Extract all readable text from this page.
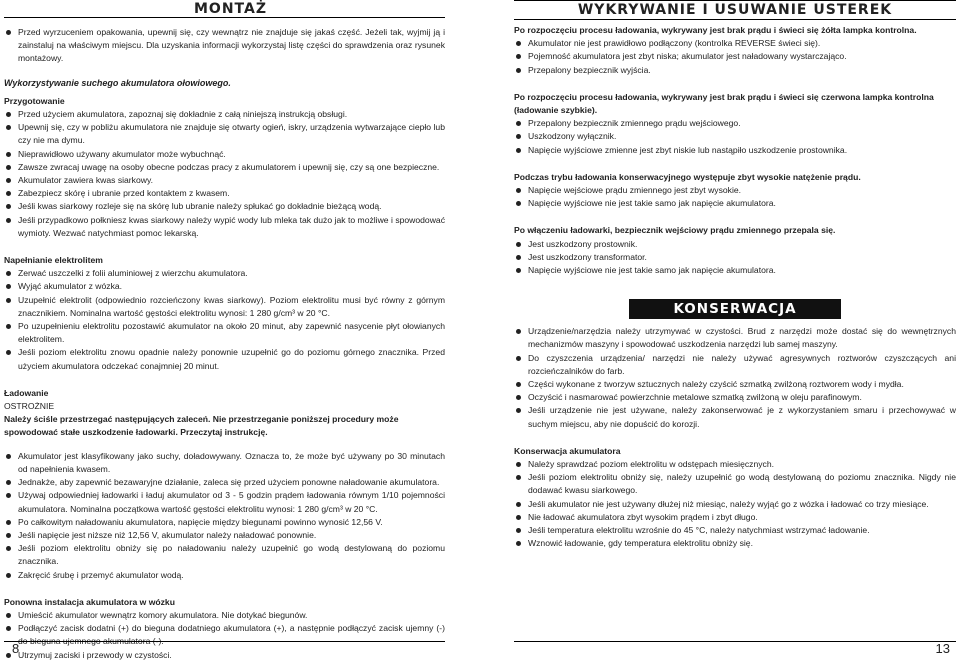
MONTAŻ
Przed wyrzuceniem opakowania, upewnij się, czy wewnątrz nie znajduje się jakaś część. Jeżeli tak, wyjmij ją i zainstaluj na właściwym miejscu. Dla uzyskania informacji wykorzystaj listę części do sprawdzenia oraz rysunek montażowy.

Wykorzystywanie suchego akumulatora ołowiowego.

Przygotowanie

Przed użyciem akumulatora, zapoznaj się dokładnie z całą niniejszą instrukcją obsługi.
Upewnij się, czy w pobliżu akumulatora nie znajduje się otwarty ogień, iskry, urządzenia wytwarzające ciepło lub czy nie ma dymu.
Nieprawidłowo używany akumulator może wybuchnąć.
Zawsze zwracaj uwagę na osoby obecne podczas pracy z akumulatorem i upewnij się, czy są one bezpieczne.
Akumulator zawiera kwas siarkowy.
Zabezpiecz skórę i ubranie przed kontaktem z kwasem.
Jeśli kwas siarkowy rozleje się na skórę lub ubranie należy spłukać go dokładnie bieżącą wodą.
Jeśli przypadkowo połkniesz kwas siarkowy należy wypić wody lub mleka tak dużo jak to możliwe i spowodować wymioty. Wezwać natychmiast pomoc lekarską.

Napełnianie elektrolitem

Zerwać uszczelki z folii aluminiowej z wierzchu akumulatora.
Wyjąć akumulator z wózka.
Uzupełnić elektrolit (odpowiednio rozcieńczony kwas siarkowy). Poziom elektrolitu musi być równy z górnym znacznikiem. Nominalna wartość gęstości elektrolitu wynosi: 1 280 g/cm³ w 20 °C.
Po uzupełnieniu elektrolitu pozostawić akumulator na około 20 minut, aby zapewnić nasycenie płyt ołowianych elektrolitem.
Jeśli poziom elektrolitu znowu opadnie należy ponownie uzupełnić go do poziomu górnego znacznika. Przed użyciem akumulatora odczekać conajmniej 20 minut.

Ładowanie

OSTROŻNIE

Należy ściśle przestrzegać następujących zaleceń. Nie przestrzeganie poniższej procedury może spowodować stałe uszkodzenie ładowarki. Przeczytaj instrukcję.

Akumulator jest klasyfikowany jako suchy, doładowywany. Oznacza to, że może być używany po 30 minutach od napełnienia kwasem.
Jednakże, aby zapewnić bezawaryjne działanie, zaleca się przed użyciem ponowne naładowanie akumulatora.
Używaj odpowiedniej ładowarki i ładuj akumulator od 3 - 5 godzin prądem ładowania równym 1/10 pojemności akumulatora. Nominalna początkowa wartość gęstości elektrolitu wynosi: 1 280 g/cm³ w 20 °C.
Po całkowitym naładowaniu akumulatora, napięcie między biegunami powinno wynosić 12,56 V.
Jeśli napięcie jest niższe niż 12,56 V, akumulator należy naładować ponownie.
Jeśli poziom elektrolitu obniży się po naładowaniu należy uzupełnić go wodą destylowaną do poziomu znacznika.
Zakręcić śrubę i przemyć akumulator wodą.

Ponowna instalacja akumulatora w wózku

Umieścić akumulator wewnątrz komory akumulatora. Nie dotykać biegunów.
Podłączyć zacisk dodatni (+) do bieguna dodatniego akumulatora (+), a następnie podłączyć zacisk ujemny (-) do bieguna ujemnego akumulatora (-).
Utrzymuj zaciski i przewody w czystości.
WYKRYWANIE I USUWANIE USTEREK

Po rozpoczęciu procesu ładowania, wykrywany jest brak prądu i świeci się żółta lampka kontrolna.

Akumulator nie jest prawidłowo podłączony (kontrolka REVERSE świeci się).
Pojemność akumulatora jest zbyt niska; akumulator jest naładowany wystarczająco.
Przepalony bezpiecznik wyjścia.

Po rozpoczęciu procesu ładowania, wykrywany jest brak prądu i świeci się czerwona lampka kontrolna (ładowanie szybkie).

Przepalony bezpiecznik zmiennego prądu wejściowego.
Uszkodzony wyłącznik.
Napięcie wyjściowe zmienne jest zbyt niskie lub nastąpiło uszkodzenie prostownika.

Podczas trybu ładowania konserwacyjnego występuje zbyt wysokie natężenie prądu.

Napięcie wejściowe prądu zmiennego jest zbyt wysokie.
Napięcie wyjściowe nie jest takie samo jak napięcie akumulatora.

Po włączeniu ładowarki, bezpiecznik wejściowy prądu zmiennego przepala się.

Jest uszkodzony prostownik.
Jest uszkodzony transformator.
Napięcie wyjściowe nie jest takie samo jak napięcie akumulatora.
KONSERWACJA
Urządzenie/narzędzia należy utrzymywać w czystości. Brud z narzędzi może dostać się do wewnętrznych mechanizmów maszyny i spowodować uszkodzenia narzędzi lub samej maszyny.
Do czyszczenia urządzenia/ narzędzi nie należy używać agresywnych roztworów czyszczących ani rozcieńczalników do farb.
Części wykonane z tworzyw sztucznych należy czyścić szmatką zwilżoną roztworem wody i mydła.
Oczyścić i nasmarować powierzchnie metalowe szmatką zwilżoną w oleju parafinowym.
Jeśli urządzenie nie jest używane, należy zakonserwować je z wykorzystaniem smaru i przechowywać w suchym miejscu, aby nie dopuścić do korozji.

Konserwacja akumulatora

Należy sprawdzać poziom elektrolitu w odstępach miesięcznych.
Jeśli poziom elektrolitu obniży się, należy uzupełnić go wodą destylowaną do poziomu znacznika. Nigdy nie dodawać kwasu siarkowego.
Jeśli akumulator nie jest używany dłużej niż miesiąc, należy wyjąć go z wózka i ładować co trzy miesiące.
Nie ładować akumulatora zbyt wysokim prądem i zbyt długo.
Jeśli temperatura elektrolitu wzrośnie do 45 °C, należy natychmiast wstrzymać ładowanie.
Wznowić ładowanie, gdy temperatura elektrolitu obniży się.
8	13
